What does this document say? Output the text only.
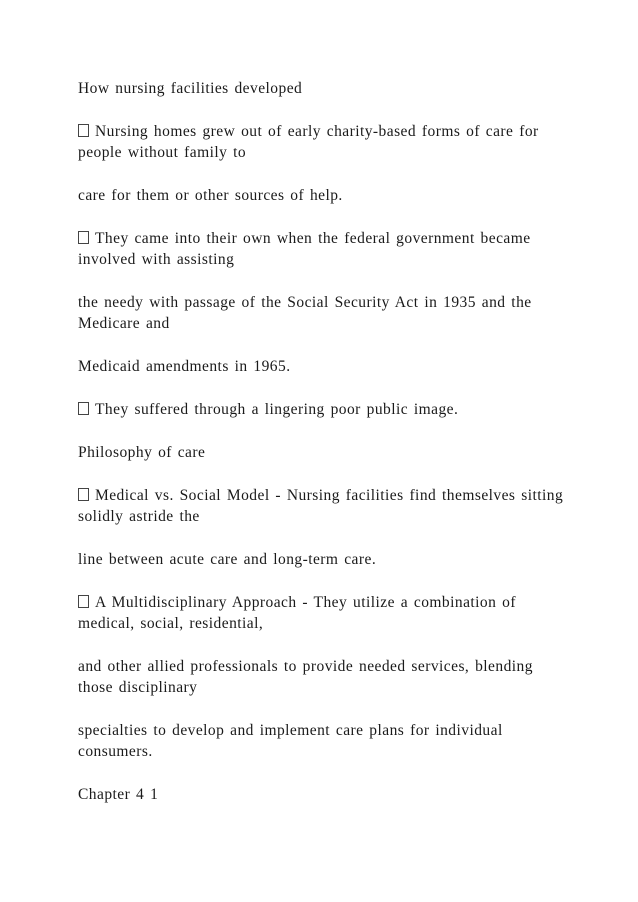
How nursing facilities developed

Nursing homes grew out of early charity-based forms of care for people without family to

care for them or other sources of help.

They came into their own when the federal government became involved with assisting

the needy with passage of the Social Security Act in 1935 and the Medicare and

Medicaid amendments in 1965.

They suffered through a lingering poor public image.

Philosophy of care

Medical vs. Social Model - Nursing facilities find themselves sitting solidly astride the

line between acute care and long-term care.

A Multidisciplinary Approach - They utilize a combination of medical, social, residential,

and other allied professionals to provide needed services, blending those disciplinary

specialties to develop and implement care plans for individual consumers.

Chapter 4 1
